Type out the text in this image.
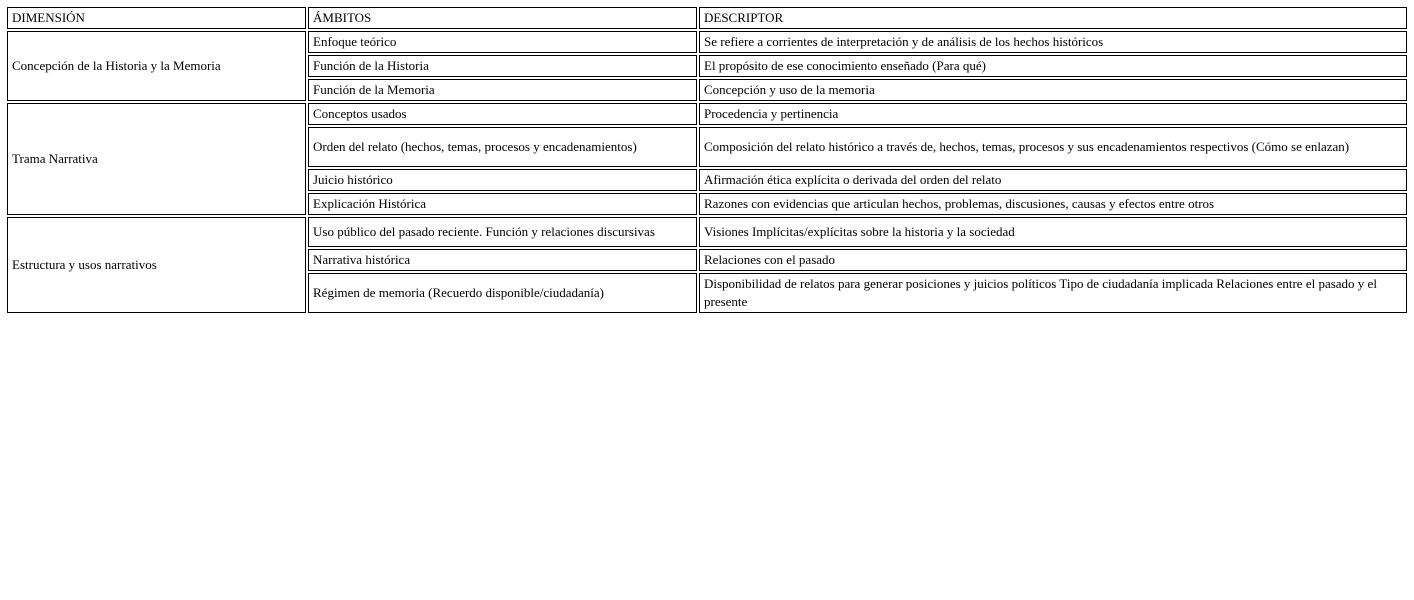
DIMENSIÓN	ÁMBITOS	DESCRIPTOR
Concepción de la Historia y la Memoria	Enfoque teórico	Se refiere a corrientes de interpretación y de análisis de los hechos históricos
	Función de la Historia	El propósito de ese conocimiento enseñado (Para qué)
	Función de la Memoria	Concepción y uso de la memoria
Trama Narrativa	Conceptos usados	Procedencia y pertinencia
	Orden del relato (hechos, temas, procesos y encadenamientos)	Composición del relato histórico a través de, hechos, temas, procesos y sus encadenamientos respectivos (Cómo se enlazan)
	Juicio histórico	Afirmación ética explícita o derivada del orden del relato
	Explicación Histórica	Razones con evidencias que articulan hechos, problemas, discusiones, causas y efectos entre otros
Estructura y usos narrativos	Uso público del pasado reciente. Función y relaciones discursivas	Visiones Implícitas/explícitas sobre la historia y la sociedad
	Narrativa histórica	Relaciones con el pasado
	Régimen de memoria (Recuerdo disponible/ciudadanía)	Disponibilidad de relatos para generar posiciones y juicios políticos Tipo de ciudadanía implicada Relaciones entre el pasado y el presente
